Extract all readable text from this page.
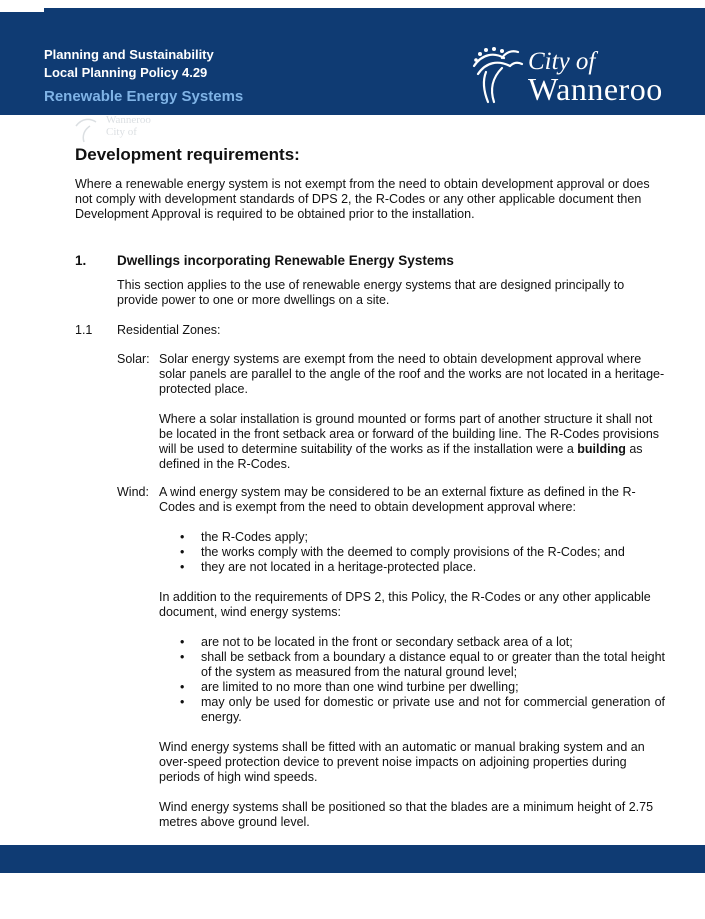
Planning and Sustainability
Local Planning Policy 4.29
Renewable Energy Systems
City of
Wanneroo
Wanneroo
City of
Development requirements:

Where a renewable energy system is not exempt from the need to obtain development approval or does not comply with development standards of DPS 2, the R-Codes or any other applicable document then Development Approval is required to be obtained prior to the installation.

1.	Dwellings incorporating Renewable Energy Systems

This section applies to the use of renewable energy systems that are designed principally to provide power to one or more dwellings on a site.

1.1	Residential Zones:
Solar: Solar energy systems are exempt from the need to obtain development approval where solar panels are parallel to the angle of the roof and the works are not located in a heritage-protected place.

Where a solar installation is ground mounted or forms part of another structure it shall not be located in the front setback area or forward of the building line. The R-Codes provisions will be used to determine suitability of the works as if the installation were a building as defined in the R-Codes.

Wind: A wind energy system may be considered to be an external fixture as defined in the R-Codes and is exempt from the need to obtain development approval where:

•	the R-Codes apply;
•	the works comply with the deemed to comply provisions of the R-Codes; and
•	they are not located in a heritage-protected place.

In addition to the requirements of DPS 2, this Policy, the R-Codes or any other applicable document, wind energy systems:

•	are not to be located in the front or secondary setback area of a lot;
•	shall be setback from a boundary a distance equal to or greater than the total height of the system as measured from the natural ground level;
•	are limited to no more than one wind turbine per dwelling;
•	may only be used for domestic or private use and not for commercial generation of energy.

Wind energy systems shall be fitted with an automatic or manual braking system and an over-speed protection device to prevent noise impacts on adjoining properties during periods of high wind speeds.

Wind energy systems shall be positioned so that the blades are a minimum height of 2.75 metres above ground level.
